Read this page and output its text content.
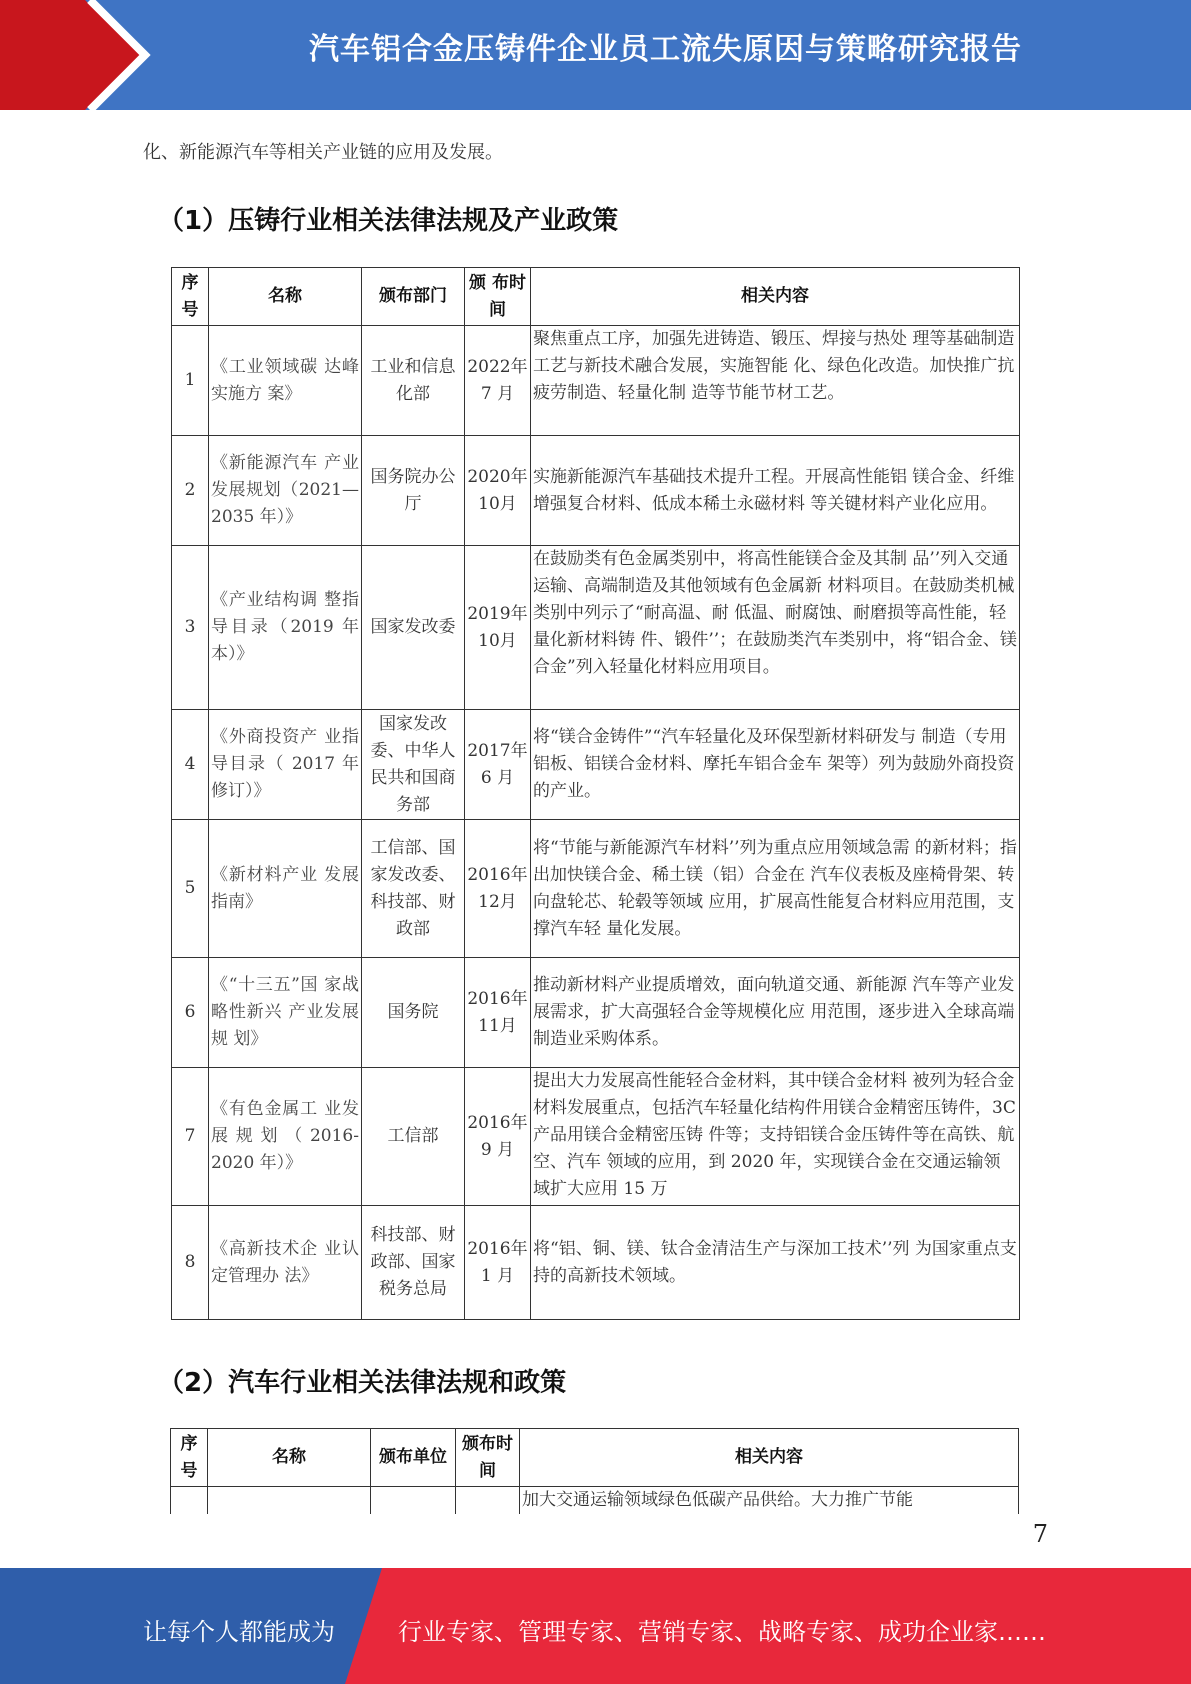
汽车铝合金压铸件企业员工流失原因与策略研究报告
化、新能源汽车等相关产业链的应用及发展。
（1）压铸行业相关法律法规及产业政策
序号	名称	颁布部门	颁 布时间	相关内容
1	《工业领域碳 达峰实施方 案》	工业和信息化部	2022年 7 月	聚焦重点工序，加强先进铸造、锻压、焊接与热处 理等基础制造工艺与新技术融合发展，实施智能 化、绿色化改造。加快推广抗疲劳制造、轻量化制 造等节能节材工艺。
2	《新能源汽车 产业发展规划（2021—2035 年）》	国务院办公厅	2020年 10月	实施新能源汽车基础技术提升工程。开展高性能铝 镁合金、纤维增强复合材料、低成本稀土永磁材料 等关键材料产业化应用。
3	《产业结构调 整指导目录（2019 年 本）》	国家发改委	2019年 10月	在鼓励类有色金属类别中，将高性能镁合金及其制 品’’列入交通运输、高端制造及其他领域有色金属新 材料项目。在鼓励类机械类别中列示了“耐高温、耐 低温、耐腐蚀、耐磨损等高性能，轻量化新材料铸 件、锻件’’；在鼓励类汽车类别中，将“铝合金、镁 合金”列入轻量化材料应用项目。
4	《外商投资产 业指导目录（ 2017 年 修订）》	国家发改委、中华人民共和国商务部	2017年 6 月	将“镁合金铸件”“汽车轻量化及环保型新材料研发与 制造（专用铝板、铝镁合金材料、摩托车铝合金车 架等）列为鼓励外商投资的产业。
5	《新材料产业 发展指南》	工信部、国家发改委、科技部、财政部	2016年 12月	将“节能与新能源汽车材料’’列为重点应用领域急需 的新材料；指出加快镁合金、稀土镁（铝）合金在 汽车仪表板及座椅骨架、转向盘轮芯、轮毂等领域 应用，扩展高性能复合材料应用范围，支撑汽车轻 量化发展。
6	《“十三五”国 家战略性新兴 产业发展规 划》	国务院	2016年 11月	推动新材料产业提质增效，面向轨道交通、新能源 汽车等产业发展需求，扩大高强轻合金等规模化应 用范围，逐步进入全球高端制造业采购体系。
7	《有色金属工 业发展规划（2016-2020 年）》	工信部	2016年 9 月	提出大力发展高性能轻合金材料，其中镁合金材料 被列为轻合金材料发展重点，包括汽车轻量化结构件用镁合金精密压铸件，3C 产品用镁合金精密压铸 件等；支持铝镁合金压铸件等在高铁、航空、汽车 领域的应用，到 2020 年，实现镁合金在交通运输领 域扩大应用 15 万
8	《高新技术企 业认定管理办 法》	科技部、财政部、国家税务总局	2016年 1 月	将“铝、铜、镁、钛合金清洁生产与深加工技术’’列 为国家重点支持的高新技术领域。
（2）汽车行业相关法律法规和政策
序号	名称	颁布单位	颁布时间	相关内容
				加大交通运输领域绿色低碳产品供给。大力推广节能
7
让每个人都能成为	行业专家、管理专家、营销专家、战略专家、成功企业家……
